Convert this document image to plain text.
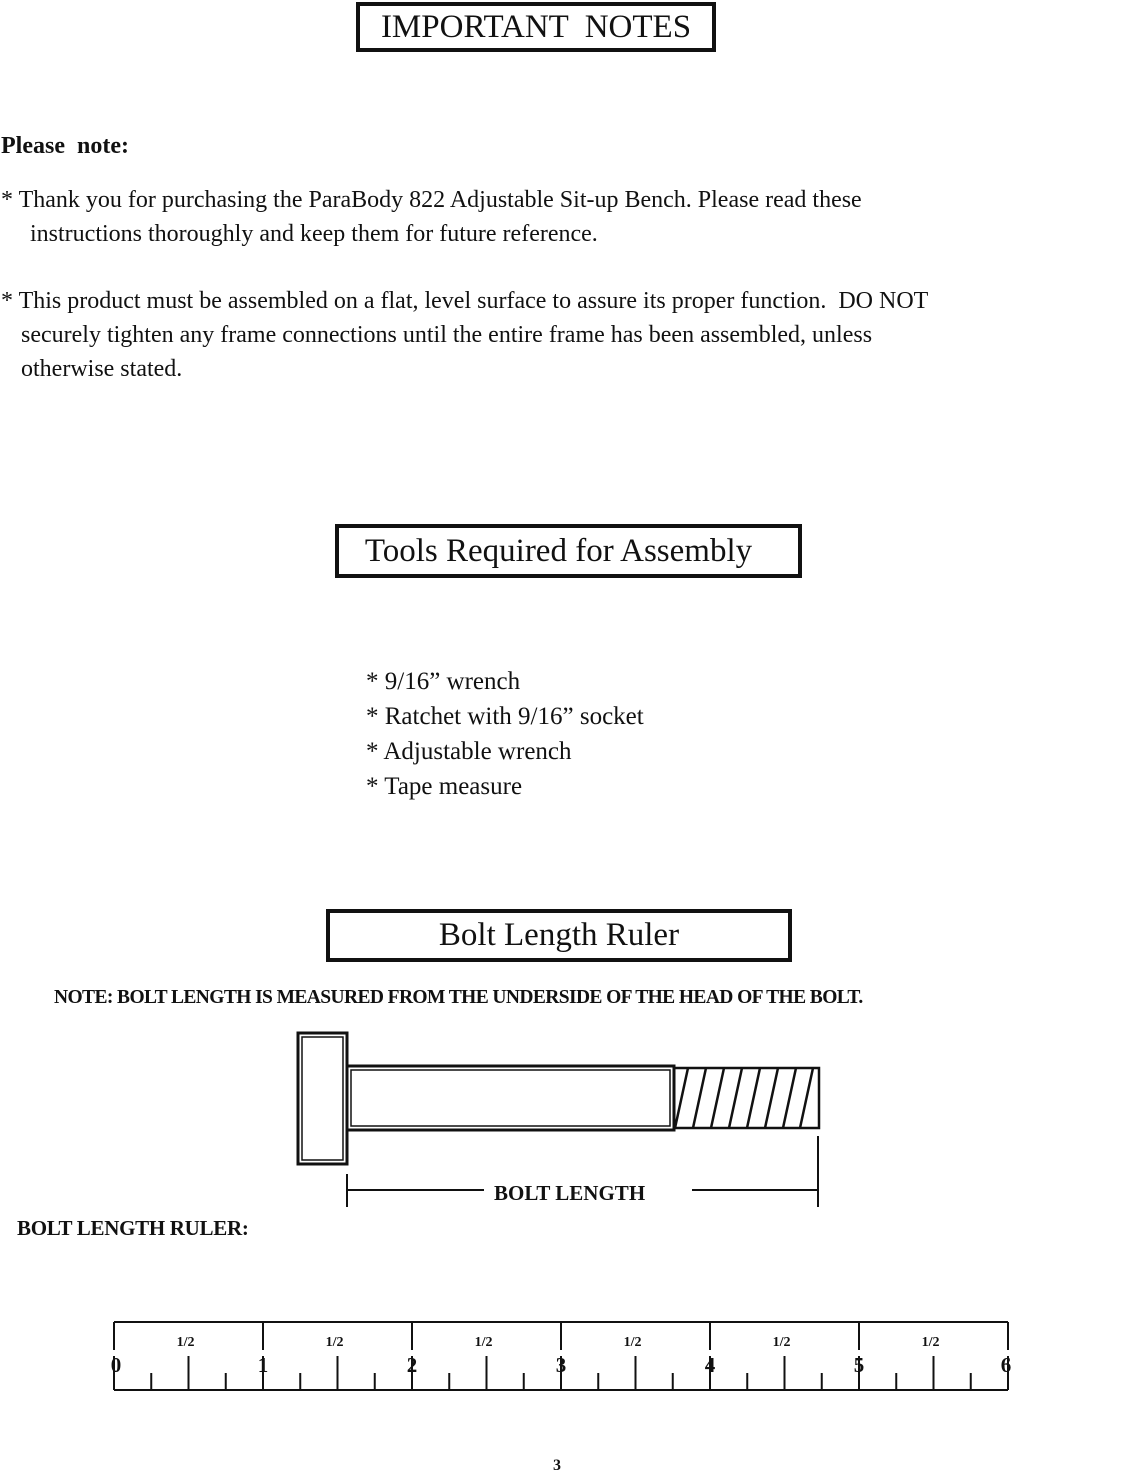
IMPORTANT  NOTES
Please  note:
* Thank you for purchasing the ParaBody 822 Adjustable Sit-up Bench. Please read these
instructions thoroughly and keep them for future reference.
* This product must be assembled on a flat, level surface to assure its proper function.  DO NOT
securely tighten any frame connections until the entire frame has been assembled, unless
otherwise stated.
Tools Required for Assembly
* 9/16” wrench
* Ratchet with 9/16” socket
* Adjustable wrench
* Tape measure
Bolt Length Ruler
NOTE: BOLT LENGTH IS MEASURED FROM THE UNDERSIDE OF THE HEAD OF THE BOLT.
BOLT LENGTH
BOLT LENGTH RULER:
0
1/2
1
1/2
2
1/2
3
1/2
4
1/2
5
1/2
6
3
